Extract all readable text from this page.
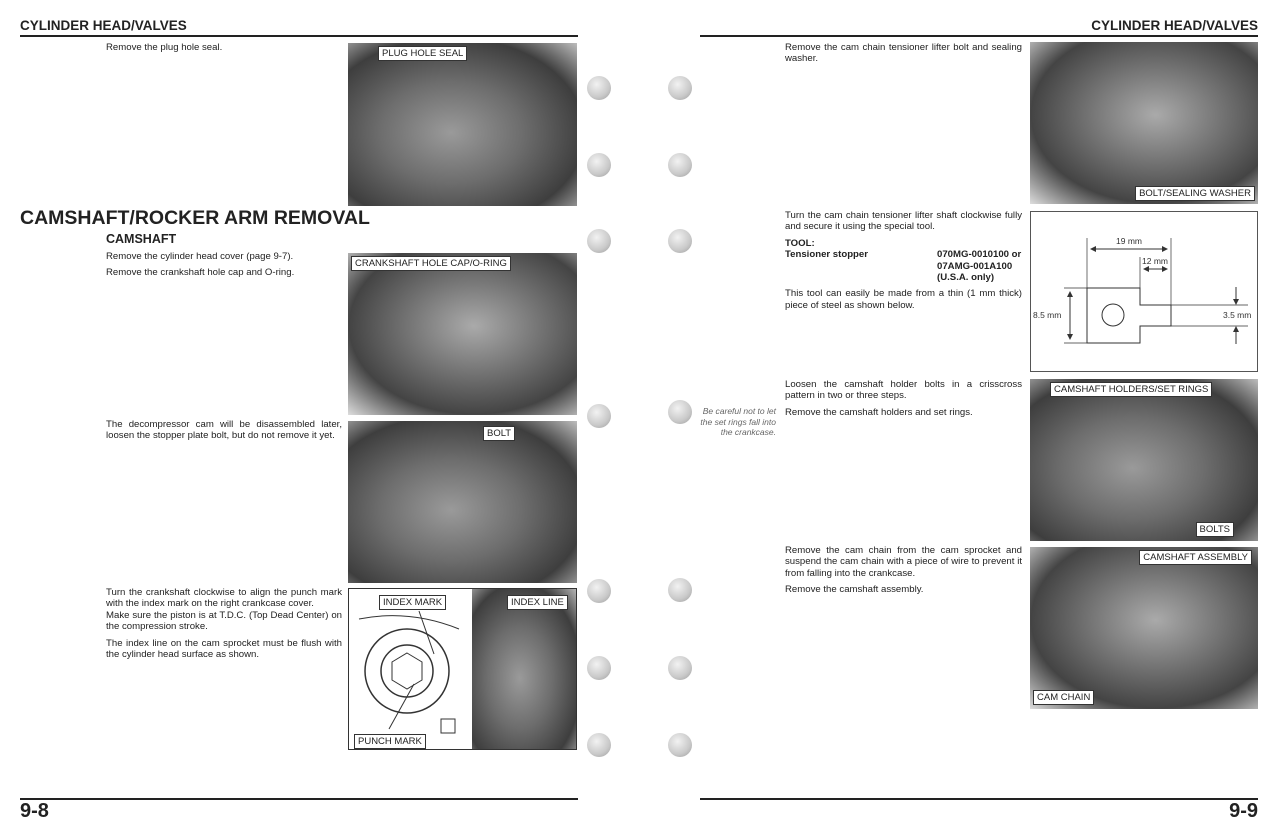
CYLINDER HEAD/VALVES
Remove the plug hole seal.
PLUG HOLE SEAL
CAMSHAFT/ROCKER ARM REMOVAL
CAMSHAFT

Remove the cylinder head cover (page 9-7).

Remove the crankshaft hole cap and O-ring.

CRANKSHAFT HOLE CAP/O-RING
The decompressor cam will be disassembled later, loosen the stopper plate bolt, but do not remove it yet.	BOLT
Turn the crankshaft clockwise to align the punch mark with the index mark on the right crankcase cover.

Make sure the piston is at T.D.C. (Top Dead Center) on the compression stroke.

The index line on the cam sprocket must be flush with the cylinder head surface as shown.

INDEX MARK	INDEX LINE
PUNCH MARK
9-8
CYLINDER HEAD/VALVES
Remove the cam chain tensioner lifter bolt and sealing washer.
BOLT/SEALING WASHER

Turn the cam chain tensioner lifter shaft clockwise fully and secure it using the special tool.

TOOL:
Tensioner stopper	070MG-0010100 or
07AMG-001A100
(U.S.A. only)

This tool can easily be made from a thin (1 mm thick) piece of steel as shown below.

19 mm
12 mm
8.5 mm	3.5 mm

Loosen the camshaft holder bolts in a crisscross pattern in two or three steps.

Remove the camshaft holders and set rings.

Be careful not to let the set rings fall into the crankcase.
CAMSHAFT HOLDERS/SET RINGS
BOLTS

Remove the cam chain from the cam sprocket and suspend the cam chain with a piece of wire to prevent it from falling into the crankcase.

Remove the camshaft assembly.

CAMSHAFT ASSEMBLY
CAM CHAIN
9-9
